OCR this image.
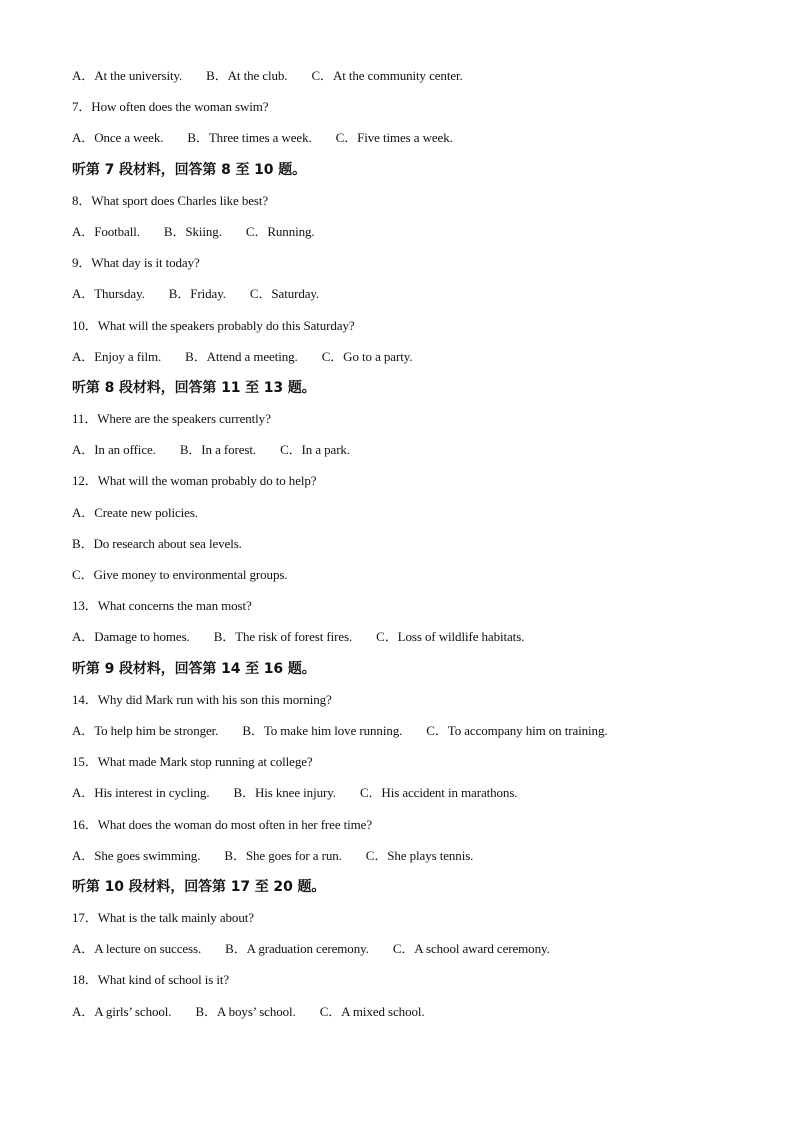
A．At the university. B．At the club. C．At the community center.
7．How often does the woman swim?
A．Once a week. B．Three times a week. C．Five times a week.
听第 7 段材料，回答第 8 至 10 题。
8．What sport does Charles like best?
A．Football. B．Skiing. C．Running.
9．What day is it today?
A．Thursday. B．Friday. C．Saturday.
10．What will the speakers probably do this Saturday?
A．Enjoy a film. B．Attend a meeting. C．Go to a party.
听第 8 段材料，回答第 11 至 13 题。
11．Where are the speakers currently?
A．In an office. B．In a forest. C．In a park.
12．What will the woman probably do to help?
A．Create new policies.
B．Do research about sea levels.
C．Give money to environmental groups.
13．What concerns the man most?
A．Damage to homes. B．The risk of forest fires. C．Loss of wildlife habitats.
听第 9 段材料，回答第 14 至 16 题。
14．Why did Mark run with his son this morning?
A．To help him be stronger. B．To make him love running. C．To accompany him on training.
15．What made Mark stop running at college?
A．His interest in cycling. B．His knee injury. C．His accident in marathons.
16．What does the woman do most often in her free time?
A．She goes swimming. B．She goes for a run. C．She plays tennis.
听第 10 段材料，回答第 17 至 20 题。
17．What is the talk mainly about?
A．A lecture on success. B．A graduation ceremony. C．A school award ceremony.
18．What kind of school is it?
A．A girls’ school. B．A boys’ school. C．A mixed school.
